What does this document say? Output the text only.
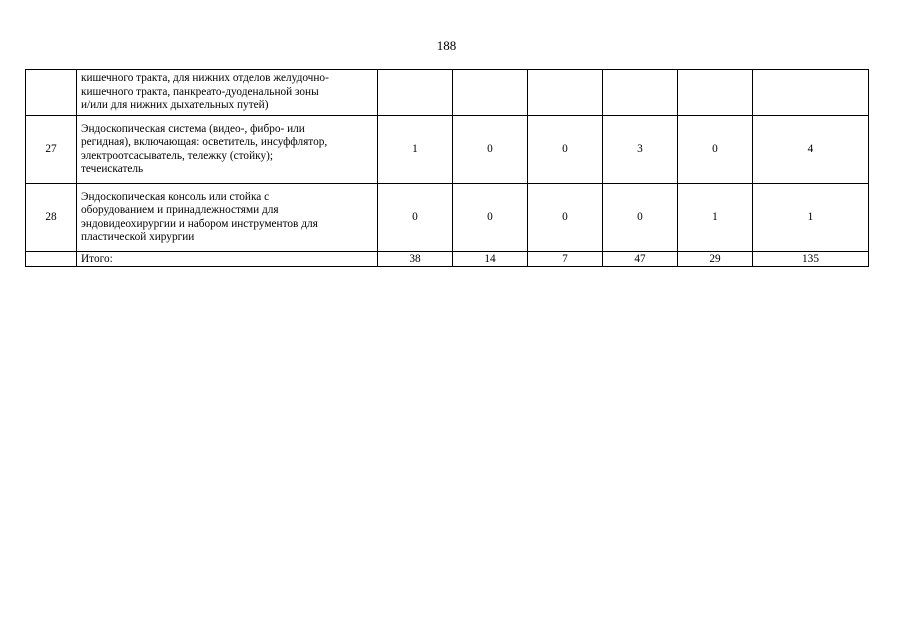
188

	кишечного тракта, для нижних отделов желудочно-
кишечного тракта, панкреато-дуоденальной зоны
и/или для нижних дыхательных путей)						

27	Эндоскопическая система (видео-, фибро- или
регидная), включающая: осветитель, инсуффлятор,
электроотсасыватель, тележку (стойку);
течеискатель	1	0	0	3	0	4
28	Эндоскопическая консоль или стойка с
оборудованием и принадлежностями для
эндовидеохирургии и набором инструментов для
пластической хирургии	0	0	0	0	1	1
	Итого:	38	14	7	47	29	135
